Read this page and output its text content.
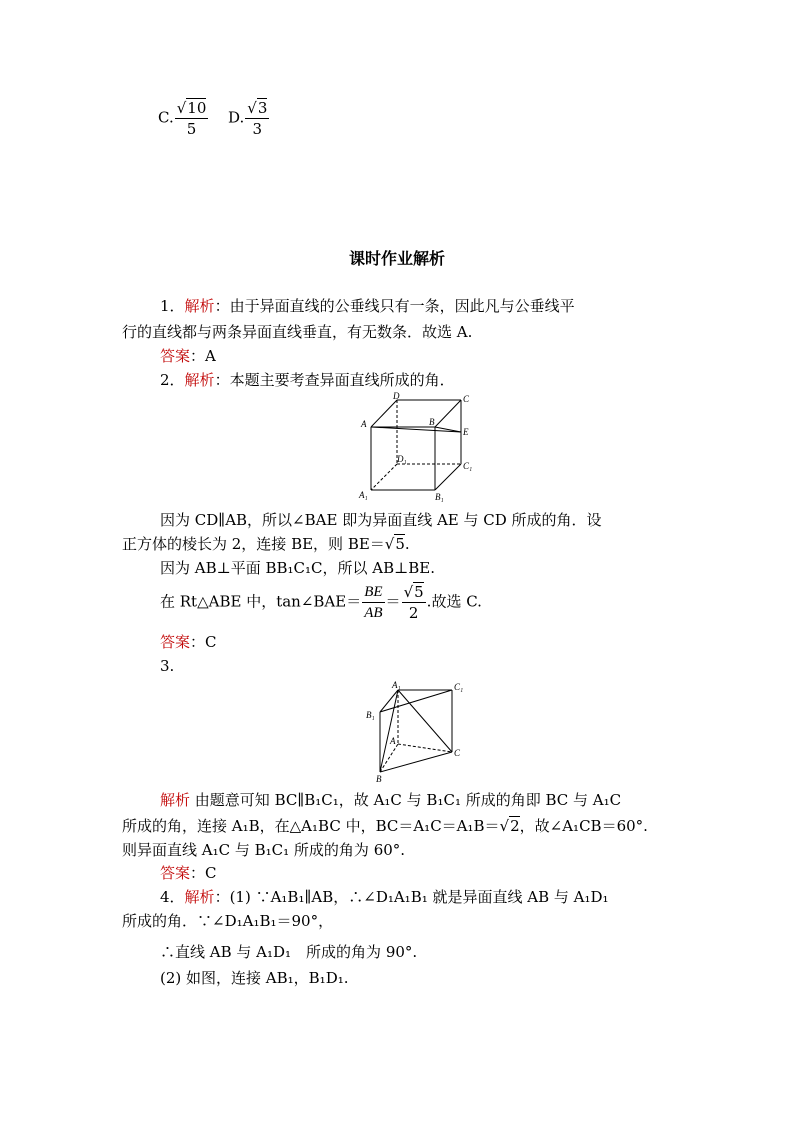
C. $\frac{√10}{5} D$. $\frac{√3}{3}$
课时作业解析
1．解析：由于异面直线的公垂线只有一条，因此凡与公垂线平
行的直线都与两条异面直线垂直，有无数条．故选 A.
答案：A
2．解析：本题主要考查异面直线所成的角．
D	C
A	B
E
D₁
C₁
A₁	B₁
因为 CD∥AB，所以∠BAE 即为异面直线 AE 与 CD 所成的角．设
正方体的棱长为 2，连接 BE，则 BE＝√5.
因为 AB⊥平面 BB₁C₁C，所以 AB⊥BE.
在 Rt△ABE 中，tan∠BAE＝ $\frac{BE}{AB} = \frac{√5}{2}$ .故选 C.
答案：C
3.
A₁	C₁
B₁
A
C
B
解析 由题意可知 BC∥B₁C₁，故 A₁C 与 B₁C₁ 所成的角即 BC 与 A₁C
所成的角，连接 A₁B，在△A₁BC 中，BC＝A₁C＝A₁B＝√2，故∠A₁CB＝60°.
则异面直线 A₁C 与 B₁C₁ 所成的角为 60°.
答案：C
4．解析：(1) ∵A₁B₁∥AB，∴∠D₁A₁B₁ 就是异面直线 AB 与 A₁D₁
所成的角．∵∠D₁A₁B₁＝90°，
∴直线 AB 与 A₁D₁　所成的角为 90°.
(2) 如图，连接 AB₁，B₁D₁.
